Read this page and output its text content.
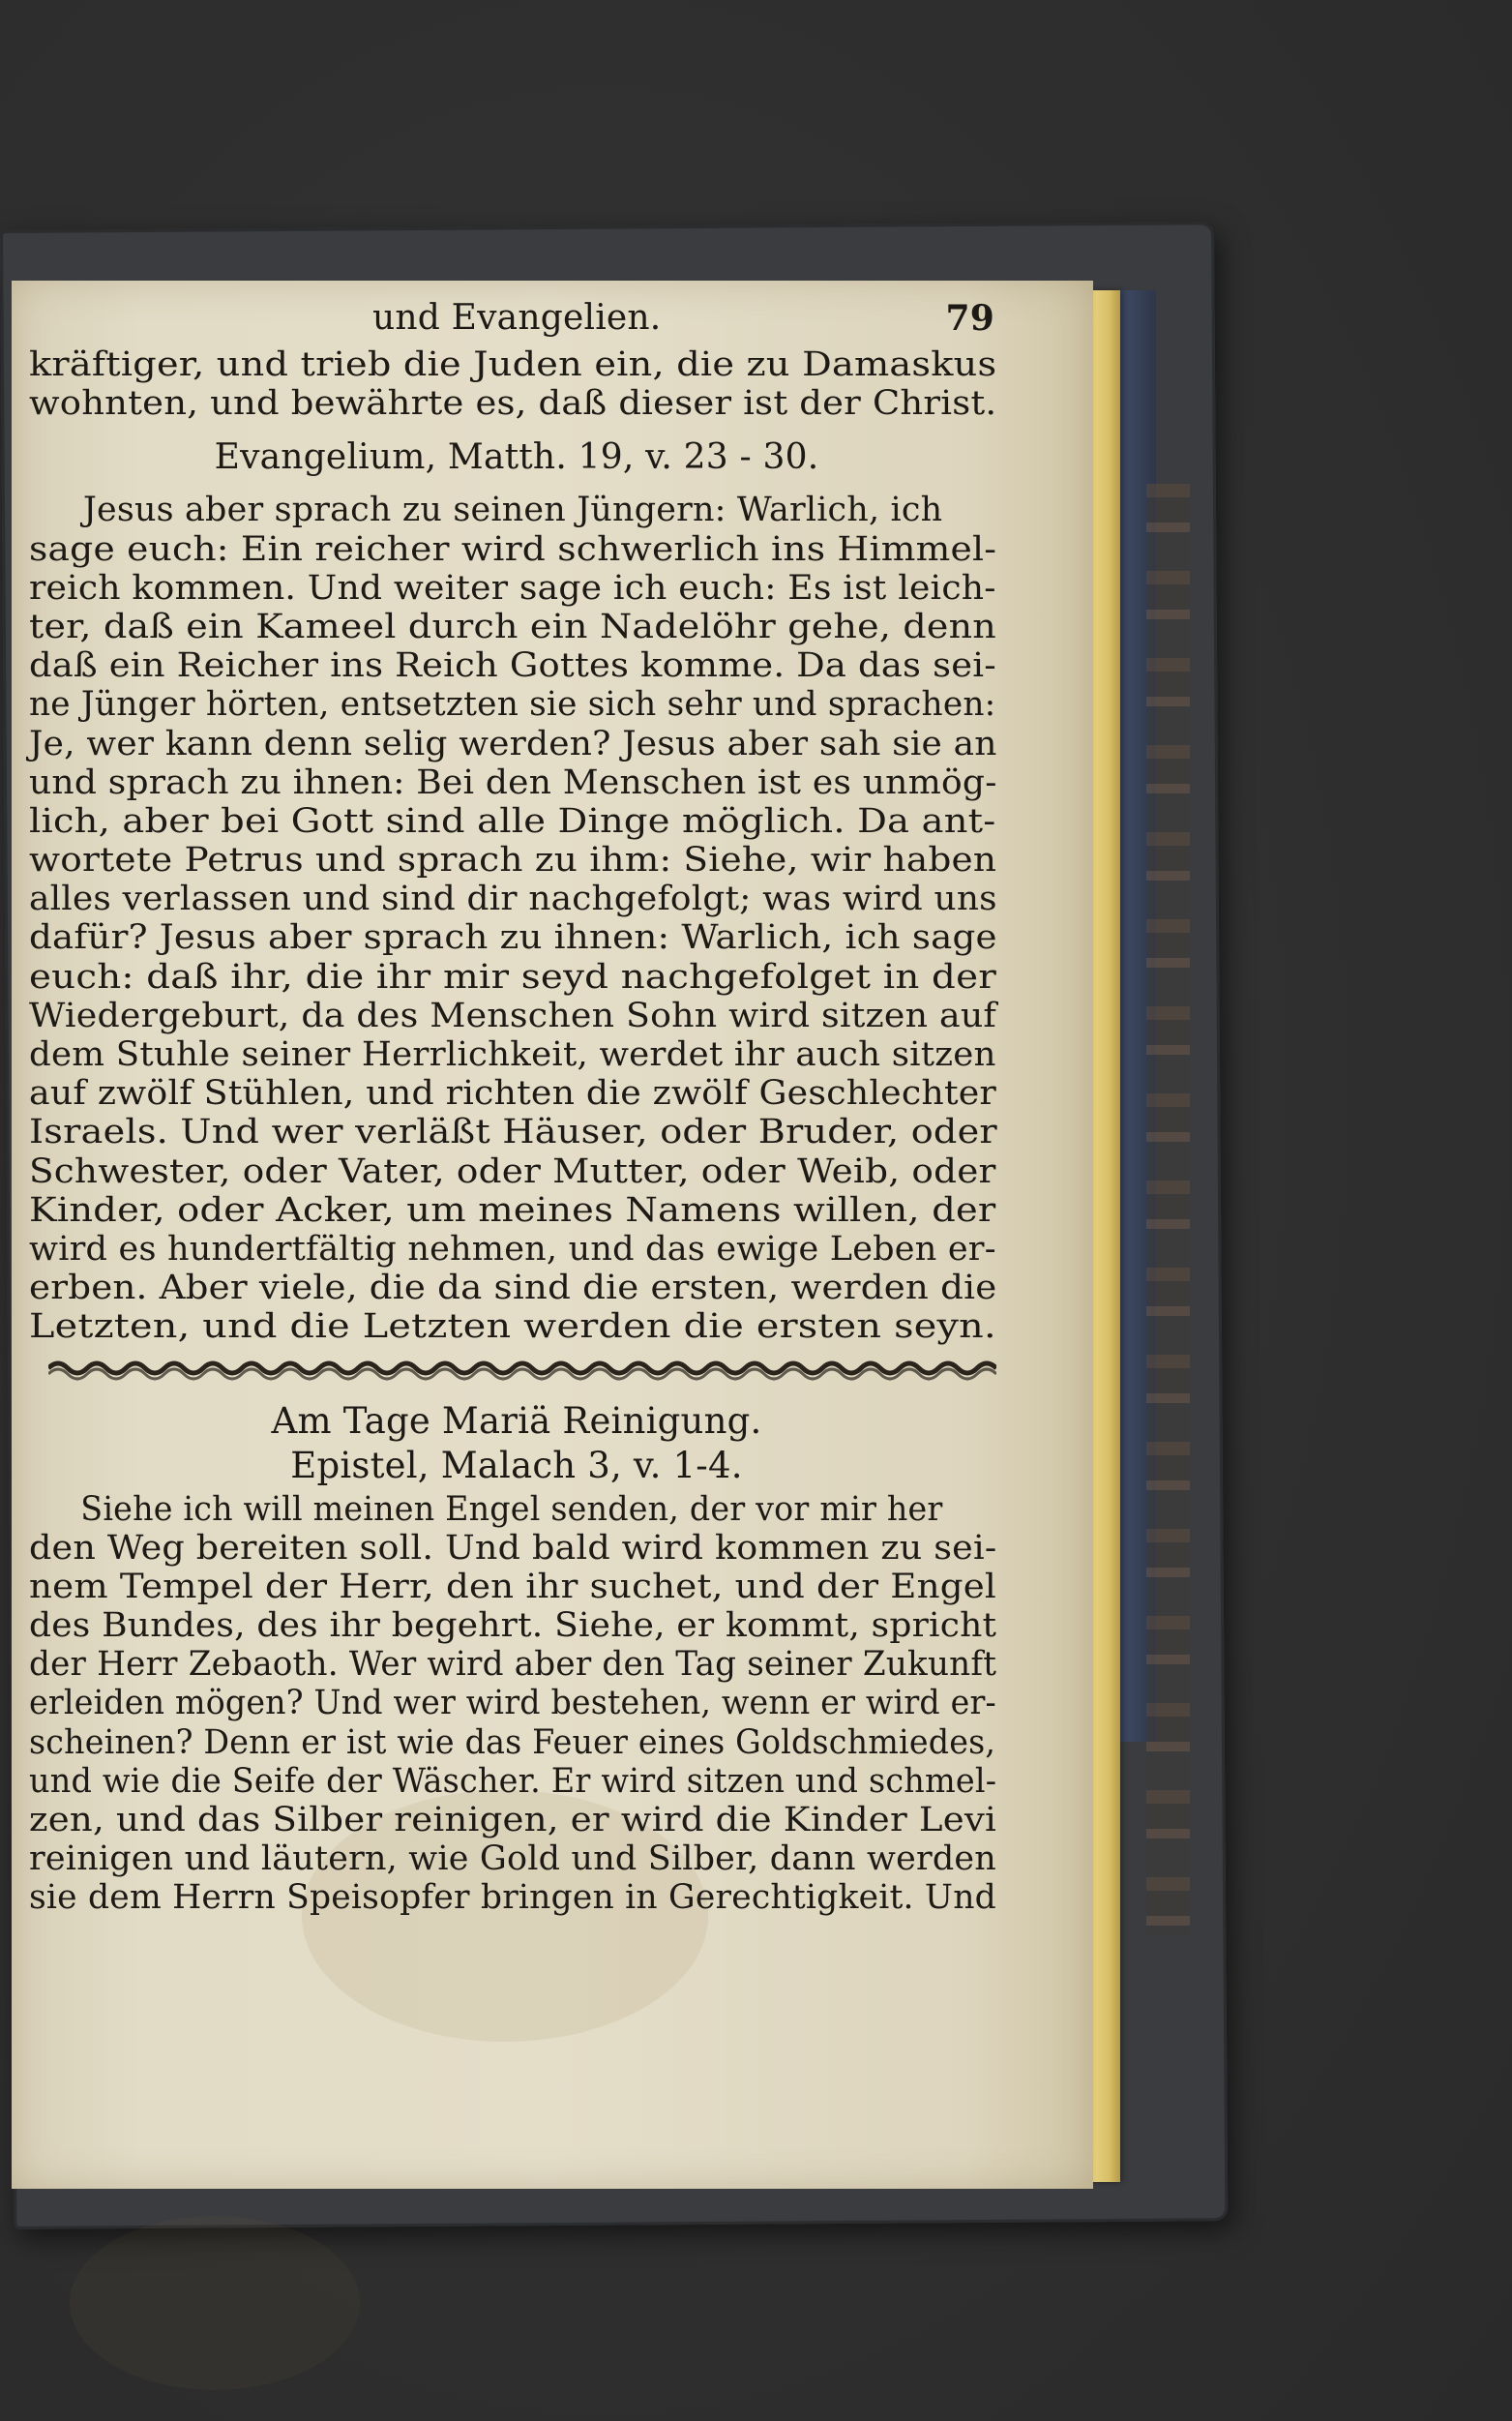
und Evangelien.	79
kräftiger, und trieb die Juden ein, die zu Damaskus
wohnten, und bewährte es, daß dieser ist der Christ.
Evangelium, Matth. 19, v. 23 - 30.
Jesus aber sprach zu seinen Jüngern: Warlich, ich
sage euch: Ein reicher wird schwerlich ins Himmel-
reich kommen. Und weiter sage ich euch: Es ist leich-
ter, daß ein Kameel durch ein Nadelöhr gehe, denn
daß ein Reicher ins Reich Gottes komme. Da das sei-
ne Jünger hörten, entsetzten sie sich sehr und sprachen:
Je, wer kann denn selig werden? Jesus aber sah sie an
und sprach zu ihnen: Bei den Menschen ist es unmög-
lich, aber bei Gott sind alle Dinge möglich. Da ant-
wortete Petrus und sprach zu ihm: Siehe, wir haben
alles verlassen und sind dir nachgefolgt; was wird uns
dafür? Jesus aber sprach zu ihnen: Warlich, ich sage
euch: daß ihr, die ihr mir seyd nachgefolget in der
Wiedergeburt, da des Menschen Sohn wird sitzen auf
dem Stuhle seiner Herrlichkeit, werdet ihr auch sitzen
auf zwölf Stühlen, und richten die zwölf Geschlechter
Israels. Und wer verläßt Häuser, oder Bruder, oder
Schwester, oder Vater, oder Mutter, oder Weib, oder
Kinder, oder Acker, um meines Namens willen, der
wird es hundertfältig nehmen, und das ewige Leben er-
erben. Aber viele, die da sind die ersten, werden die
Letzten, und die Letzten werden die ersten seyn.
Am Tage Mariä Reinigung.
Epistel, Malach 3, v. 1-4.
Siehe ich will meinen Engel senden, der vor mir her
den Weg bereiten soll. Und bald wird kommen zu sei-
nem Tempel der Herr, den ihr suchet, und der Engel
des Bundes, des ihr begehrt. Siehe, er kommt, spricht
der Herr Zebaoth. Wer wird aber den Tag seiner Zukunft
erleiden mögen? Und wer wird bestehen, wenn er wird er-
scheinen? Denn er ist wie das Feuer eines Goldschmiedes,
und wie die Seife der Wäscher. Er wird sitzen und schmel-
zen, und das Silber reinigen, er wird die Kinder Levi
reinigen und läutern, wie Gold und Silber, dann werden
sie dem Herrn Speisopfer bringen in Gerechtigkeit. Und
